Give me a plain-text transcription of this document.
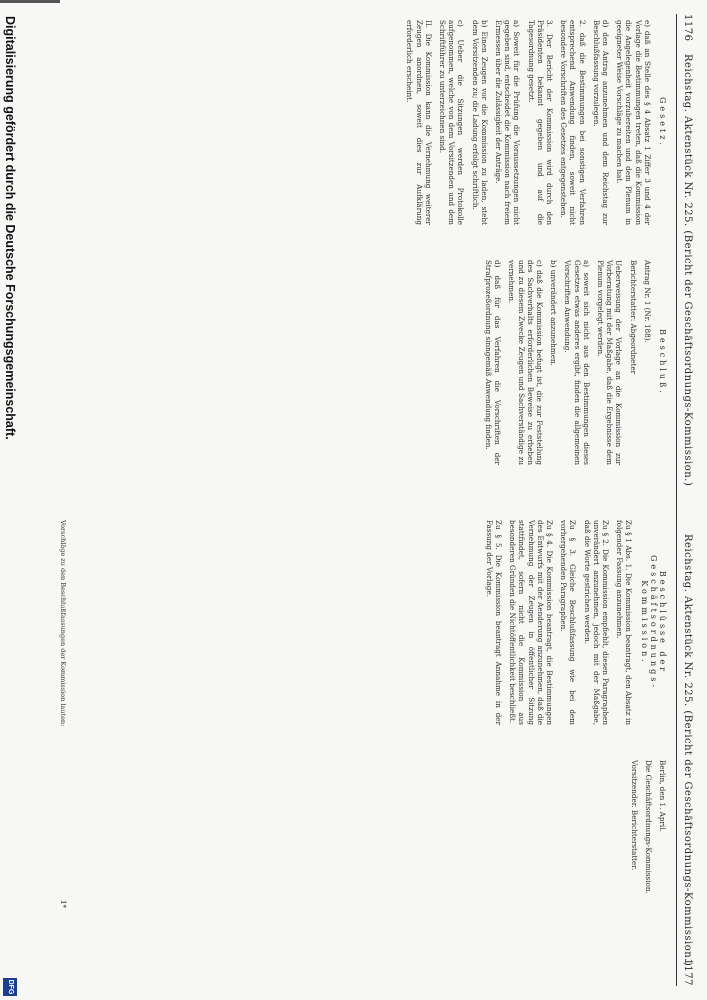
1176
Reichstag. Aktenstück Nr. 225. (Bericht der Geschäftsordnungs-Kommission.)
Reichstag. Aktenstück Nr. 225. (Bericht der Geschäftsordnungs-Kommission.)
1177
Gesetz.

e) daß an Stelle des § 4 Absatz 1 Ziffer 3 und 4 der Vorlage die Bestimmungen treten, daß die Kommission die Angelegenheit vorzubereiten und dem Plenum in geeigneter Weise Vorschläge zu machen hat.

d) den Antrag anzunehmen und dem Reichstag zur Beschlußfassung vorzulegen.

2. daß die Bestimmungen bei sonstigen Verfahren entsprechend Anwendung finden, soweit nicht besondere Vorschriften des Gesetzes entgegenstehen.

3. Der Bericht der Kommission wird durch den Präsidenten bekannt gegeben und auf die Tagesordnung gesetzt.

a) Soweit für die Prüfung die Voraussetzungen nicht gegeben sind, entscheidet die Kommission nach freiem Ermessen über die Zulässigkeit der Anträge.

b) Einen Zeugen vor die Kommission zu laden, steht dem Vorsitzenden zu; die Ladung erfolgt schriftlich.

c) Ueber die Sitzungen werden Protokolle aufgenommen, welche von dem Vorsitzenden und dem Schriftführer zu unterzeichnen sind.

II. Die Kommission kann die Vernehmung weiterer Zeugen anordnen, soweit dies zur Aufklärung erforderlich erscheint.

Beschluß.

Antrag Nr. 1 (Nr. 188).

Berichterstatter: Abgeordneter

Ueberweisung der Vorlage an die Kommission zur Vorberatung mit der Maßgabe, daß die Ergebnisse dem Plenum vorgelegt werden.

a) soweit sich nicht aus den Bestimmungen dieses Gesetzes etwas anderes ergibt, finden die allgemeinen Vorschriften Anwendung.

b) unverändert anzunehmen.

c) daß die Kommission befugt ist, die zur Feststellung des Sachverhalts erforderlichen Beweise zu erheben und zu diesem Zwecke Zeugen und Sachverständige zu vernehmen.

d) daß für das Verfahren die Vorschriften der Strafprozeßordnung sinngemäß Anwendung finden.

Beschlüsse der Geschäftsordnungs-Kommission.

Zu § 1 Abs. 1. Die Kommission beantragt, den Absatz in folgender Fassung anzunehmen.

Zu § 2. Die Kommission empfiehlt, diesen Paragraphen unverändert anzunehmen, jedoch mit der Maßgabe, daß die Worte gestrichen werden.

Zu § 3. Gleiche Beschlußfassung wie bei dem vorhergehenden Paragraphen.

Zu § 4. Die Kommission beantragt, die Bestimmungen des Entwurfs mit der Aenderung anzunehmen, daß die Vernehmung der Zeugen in öffentlicher Sitzung stattfindet, sofern nicht die Kommission aus besonderen Gründen die Nichtöffentlichkeit beschließt.

Zu § 5. Die Kommission beantragt Annahme in der Fassung der Vorlage.

Berlin, den 1. April.

Die Geschäftsordnungs-Kommission.

Vorsitzender. Berichterstatter.

Vorschläge zu den Beschlußfassungen der Kommission lauten:
1*
Digitalisierung gefördert durch die Deutsche Forschungsgemeinschaft.
DFG
